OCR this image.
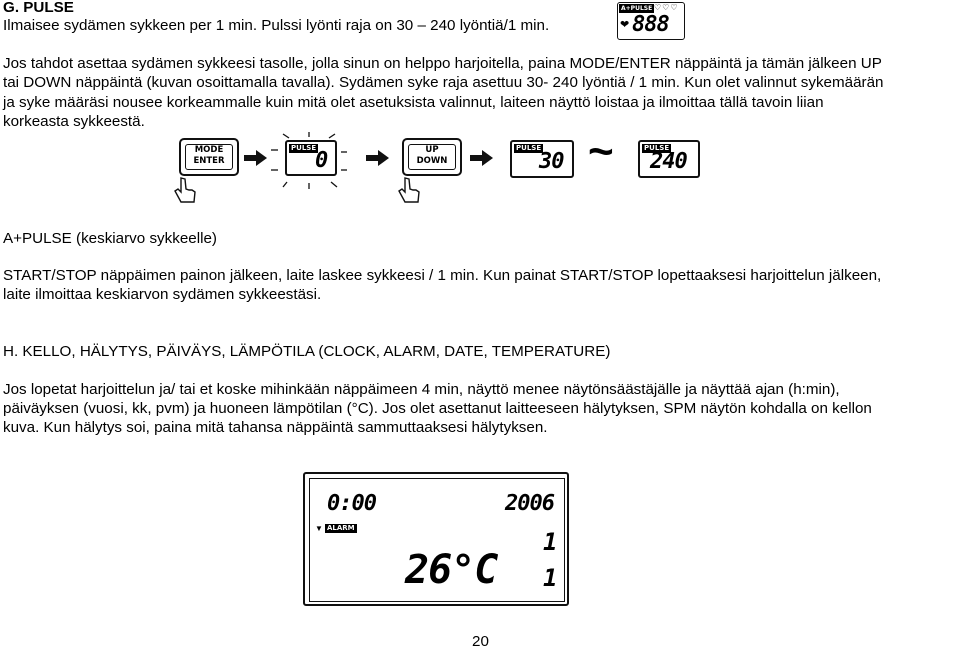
G. PULSE

Ilmaisee sydämen sykkeen per 1 min. Pulssi lyönti raja on 30 – 240 lyöntiä/1 min.

Jos tahdot asettaa sydämen sykkeesi tasolle, jolla sinun on helppo harjoitella, paina MODE/ENTER näppäintä ja tämän jälkeen UP

tai DOWN näppäintä (kuvan osoittamalla tavalla). Sydämen syke raja asettuu 30- 240 lyöntiä / 1 min. Kun olet valinnut sykemäärän

ja syke määräsi nousee korkeammalle kuin mitä olet asetuksista valinnut, laiteen näyttö loistaa ja ilmoittaa tällä tavoin liian

korkeasta sykkeestä.

A+PULSE
❤ 888
♡♡♡
MODE
ENTER
PULSE
0	UP
DOWN
PULSE
30 ~	PULSE
240

A+PULSE (keskiarvo sykkeelle)

START/STOP näppäimen painon jälkeen, laite laskee sykkeesi / 1 min. Kun painat START/STOP lopettaaksesi harjoittelun jälkeen,

laite ilmoittaa keskiarvon sydämen sykkeestäsi.

H. KELLO, HÄLYTYS, PÄIVÄYS, LÄMPÖTILA (CLOCK, ALARM, DATE, TEMPERATURE)

Jos lopetat harjoittelun ja/ tai et koske mihinkään näppäimeen 4 min, näyttö menee näytönsäästäjälle ja näyttää ajan (h:min),

päiväyksen (vuosi, kk, pvm) ja huoneen lämpötilan (°C). Jos olet asettanut laitteeseen hälytyksen, SPM näytön kohdalla on kellon

kuva. Kun hälytys soi, paina mitä tahansa näppäintä sammuttaaksesi hälytyksen.

0:00	2006
▼ ALARM	1
26°C 1

20
